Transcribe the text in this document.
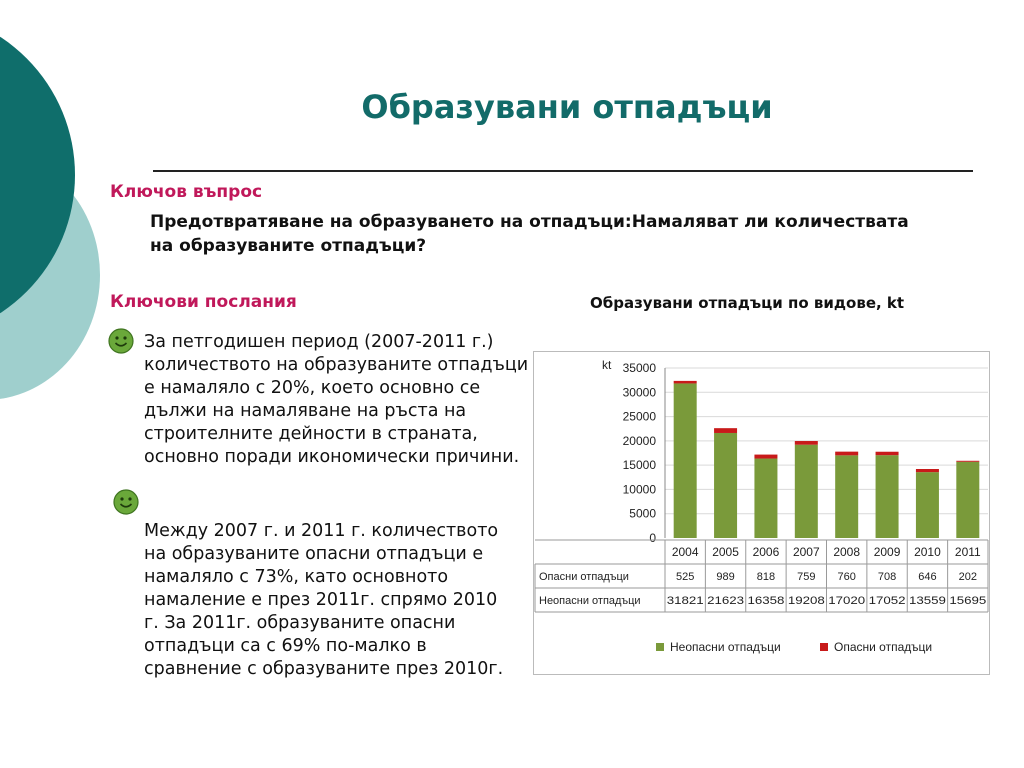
Образувани отпадъци
Ключов въпрос
Предотвратяване на образуването на отпадъци:Намаляват ли количествата на образуваните отпадъци?
Ключови послания	Образувани отпадъци по видове, kt

За петгодишен период (2007-2011 г.) количеството на образуваните отпадъци е намаляло с 20%, което основно се дължи на намаляване на ръста на строителните дейности в страната, основно поради икономически причини.

Между 2007 г. и 2011 г. количеството на образуваните опасни отпадъци е намаляло с 73%, като основното намаление е през 2011г. спрямо 2010 г. За 2011г. образуваните опасни отпадъци са с 69% по-малко в сравнение с образуваните през 2010г.

kt
0
5000
10000
15000
20000
25000
30000
35000
2004 2005 2006 2007 2008 2009 2010 2011
Опасни отпадъци	525 989 818 759 760 708 646 202
Неопасни отпадъци 31821 21623 16358 19208 17020 17052 13559 15695
Неопасни отпадъци	Опасни отпадъци
